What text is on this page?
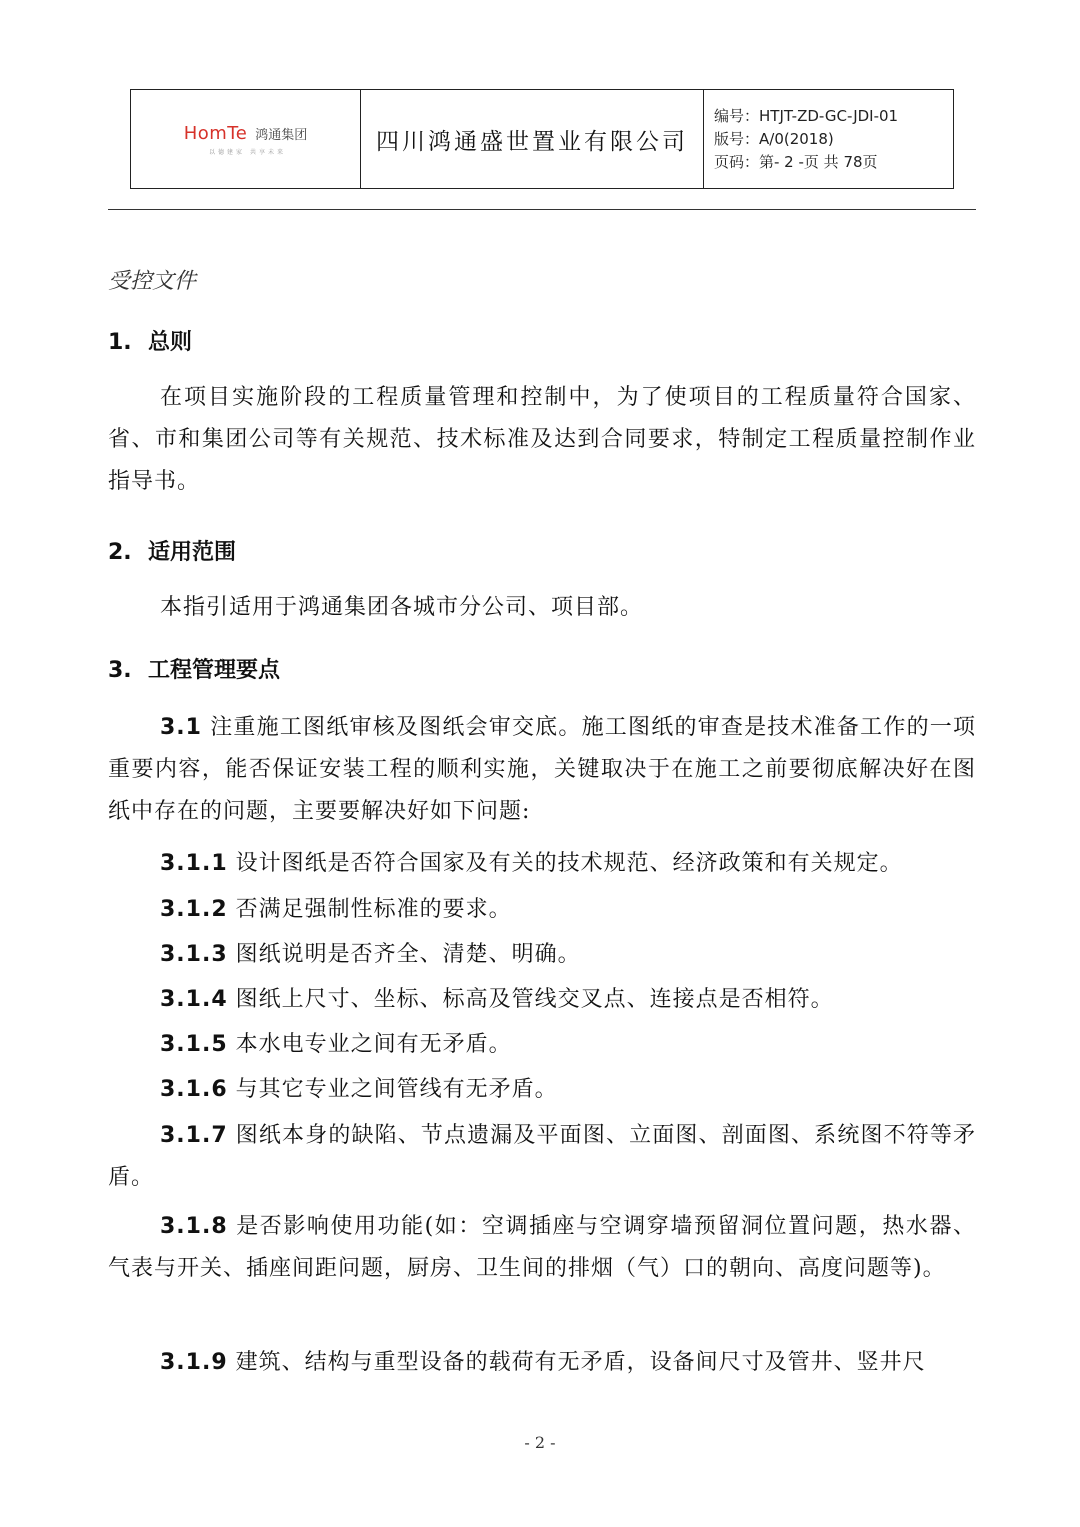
HomTe 鸿通集团
以德建家 共享未来	四川鸿通盛世置业有限公司
编号：HTJT-ZD-GC-JDⅠ-01
版号：A/0(2018)
页码：第- 2 -页 共 78页
受控文件
1. 总则

在项目实施阶段的工程质量管理和控制中，为了使项目的工程质量符合国家、省、市和集团公司等有关规范、技术标准及达到合同要求，特制定工程质量控制作业指导书。

2. 适用范围

本指引适用于鸿通集团各城市分公司、项目部。

3. 工程管理要点

3.1 注重施工图纸审核及图纸会审交底。施工图纸的审查是技术准备工作的一项重要内容，能否保证安装工程的顺利实施，关键取决于在施工之前要彻底解决好在图纸中存在的问题，主要要解决好如下问题:

3.1.1 设计图纸是否符合国家及有关的技术规范、经济政策和有关规定。

3.1.2 否满足强制性标准的要求。

3.1.3 图纸说明是否齐全、清楚、明确。

3.1.4 图纸上尺寸、坐标、标高及管线交叉点、连接点是否相符。

3.1.5 本水电专业之间有无矛盾。

3.1.6 与其它专业之间管线有无矛盾。

3.1.7 图纸本身的缺陷、节点遗漏及平面图、立面图、剖面图、系统图不符等矛盾。

3.1.8 是否影响使用功能(如：空调插座与空调穿墙预留洞位置问题，热水器、气表与开关、插座间距问题，厨房、卫生间的排烟（气）口的朝向、高度问题等)。

3.1.9 建筑、结构与重型设备的载荷有无矛盾，设备间尺寸及管井、竖井尺

- 2 -
